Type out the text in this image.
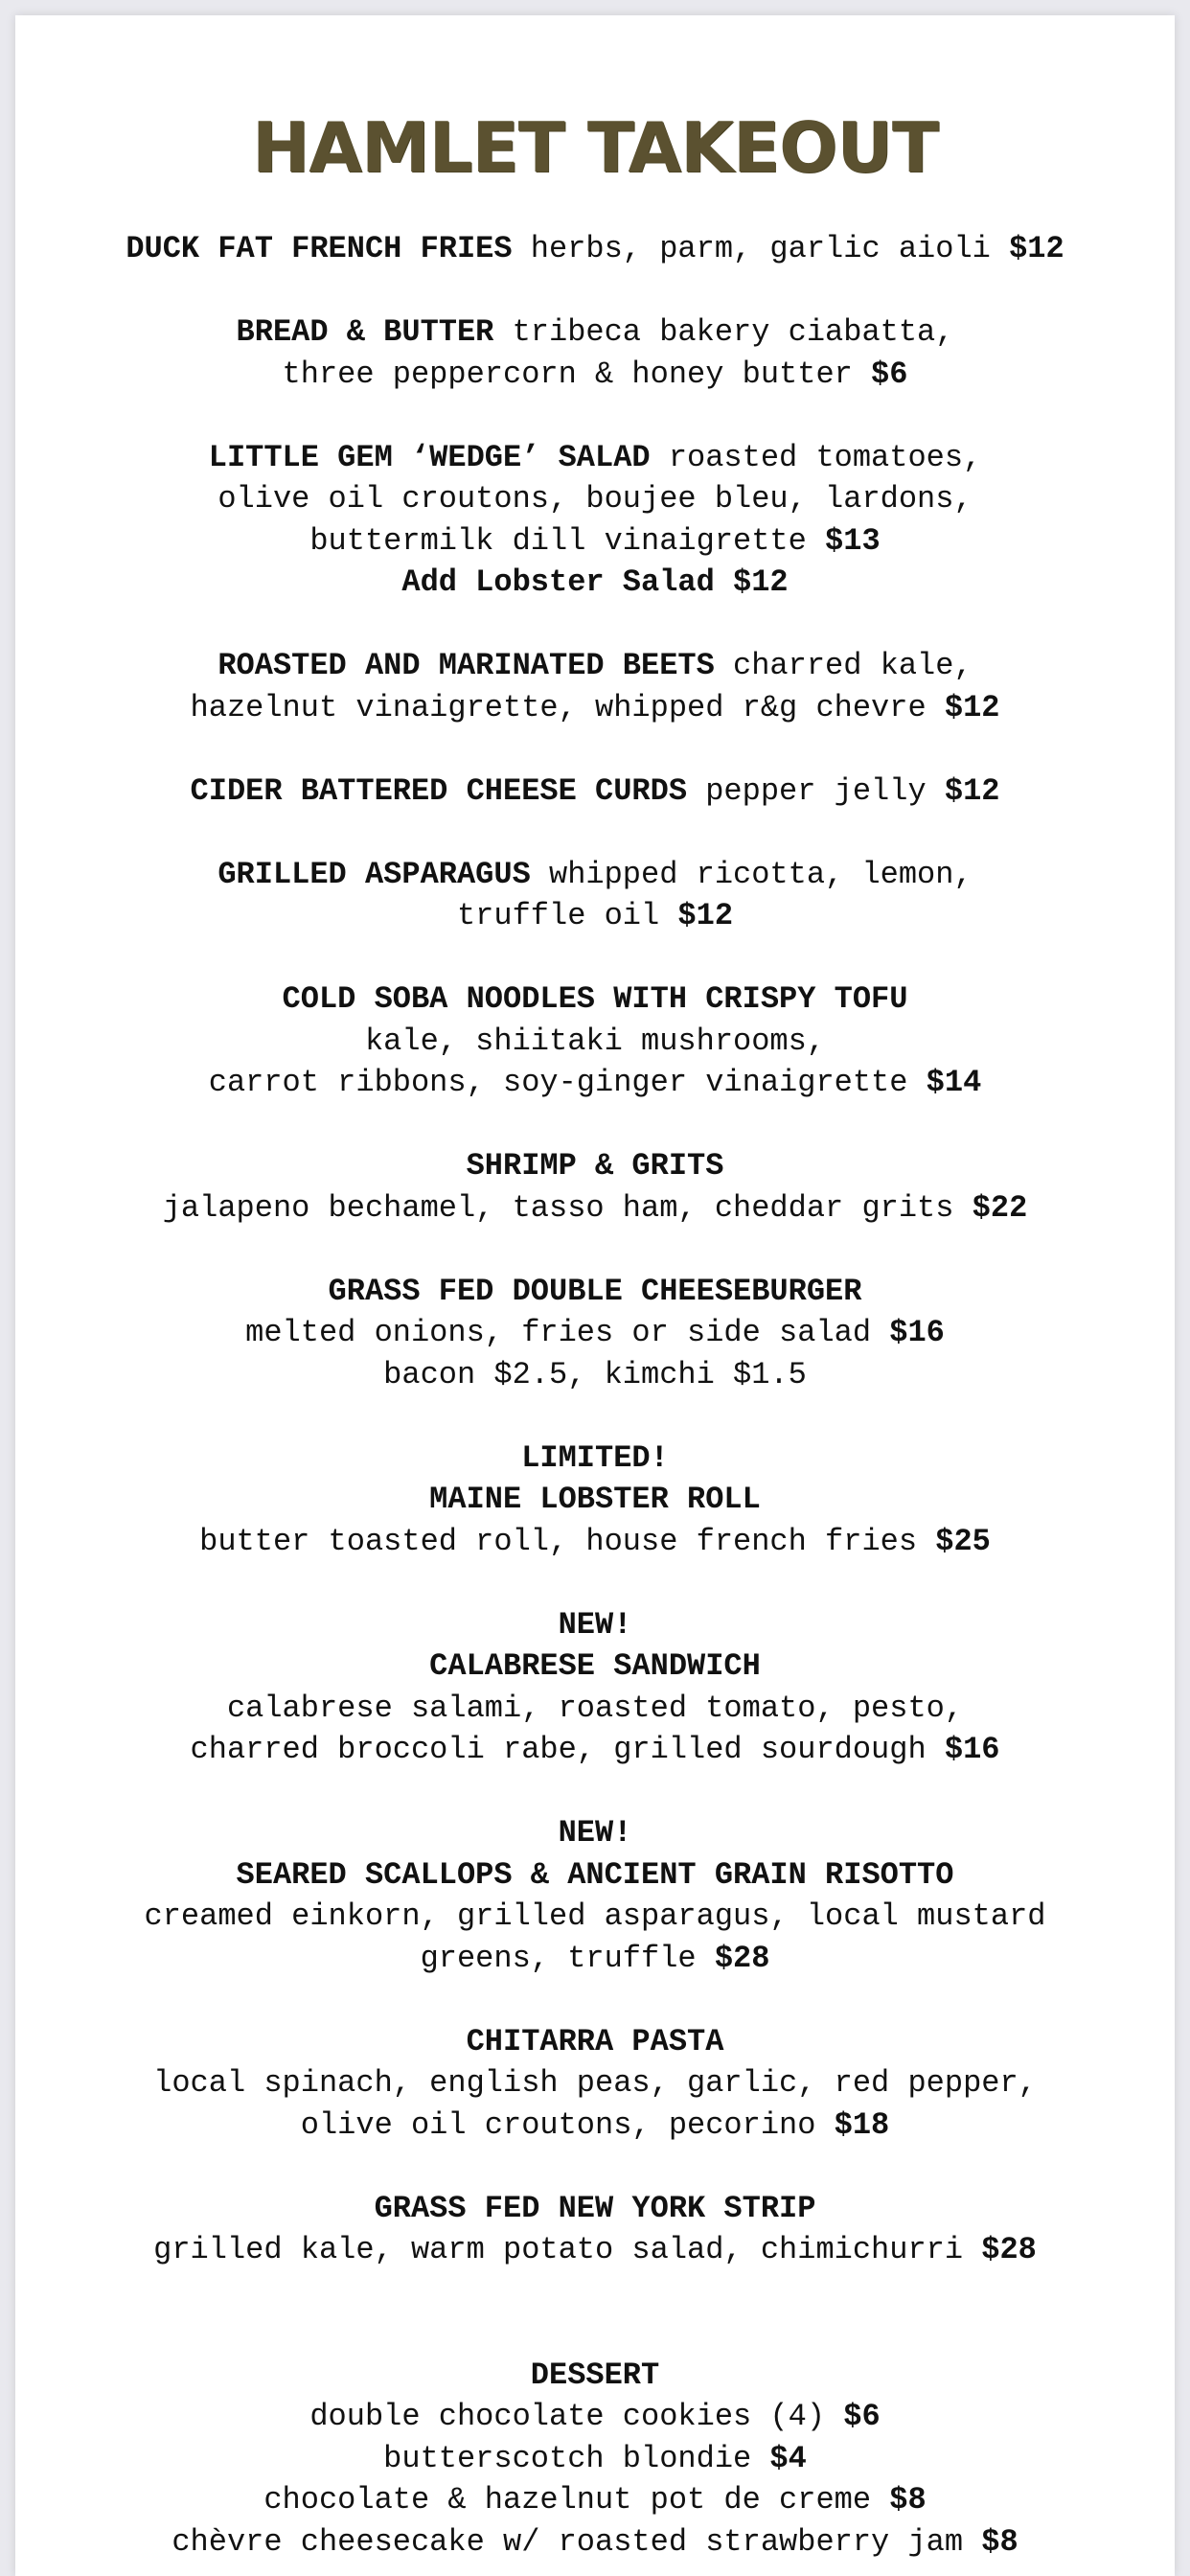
HAMLET TAKEOUT
DUCK FAT FRENCH FRIES herbs, parm, garlic aioli $12
BREAD & BUTTER tribeca bakery ciabatta,
three peppercorn & honey butter $6
LITTLE GEM ‘WEDGE’ SALAD roasted tomatoes,
olive oil croutons, boujee bleu, lardons,
buttermilk dill vinaigrette $13
Add Lobster Salad $12
ROASTED AND MARINATED BEETS charred kale,
hazelnut vinaigrette, whipped r&g chevre $12
CIDER BATTERED CHEESE CURDS pepper jelly $12
GRILLED ASPARAGUS whipped ricotta, lemon,
truffle oil $12
COLD SOBA NOODLES WITH CRISPY TOFU
kale, shiitaki mushrooms,
carrot ribbons, soy-ginger vinaigrette $14
SHRIMP & GRITS
jalapeno bechamel, tasso ham, cheddar grits $22
GRASS FED DOUBLE CHEESEBURGER
melted onions, fries or side salad $16
bacon $2.5, kimchi $1.5
LIMITED!
MAINE LOBSTER ROLL
butter toasted roll, house french fries $25
NEW!
CALABRESE SANDWICH
calabrese salami, roasted tomato, pesto,
charred broccoli rabe, grilled sourdough $16
NEW!
SEARED SCALLOPS & ANCIENT GRAIN RISOTTO
creamed einkorn, grilled asparagus, local mustard
greens, truffle $28
CHITARRA PASTA
local spinach, english peas, garlic, red pepper,
olive oil croutons, pecorino $18
GRASS FED NEW YORK STRIP
grilled kale, warm potato salad, chimichurri $28
DESSERT
double chocolate cookies (4) $6
butterscotch blondie $4
chocolate & hazelnut pot de creme $8
chèvre cheesecake w/ roasted strawberry jam $8
